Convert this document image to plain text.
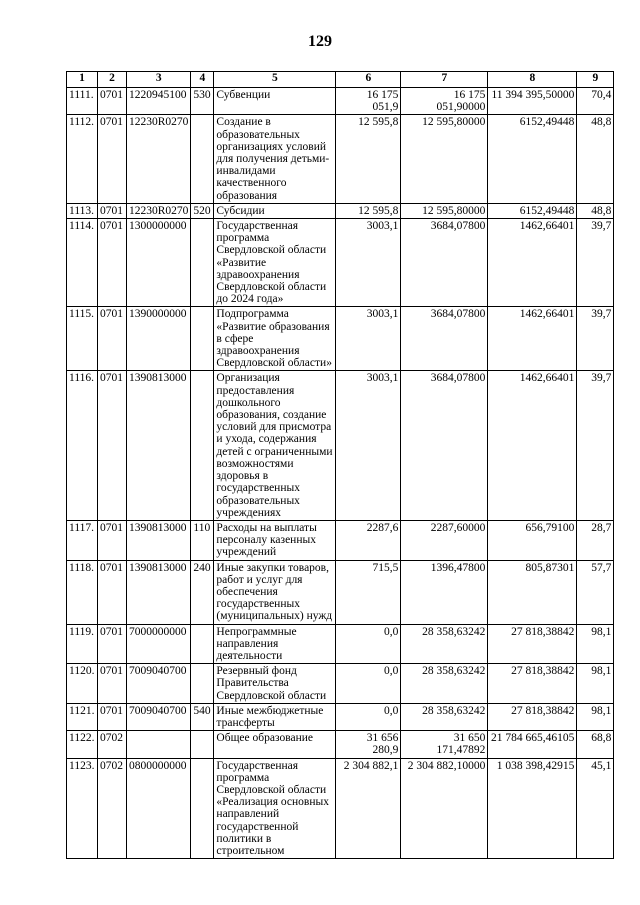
129
1	2	3	4	5	6	7	8	9
1111.	0701	1220945100	530	Субвенции	16 175 051,9	16 175 051,90000	11 394 395,50000	70,4
1112.	0701	12230R0270		Создание в образовательных организациях условий для получения детьми-инвалидами качественного образования	12 595,8	12 595,80000	6152,49448	48,8
1113.	0701	12230R0270	520	Субсидии	12 595,8	12 595,80000	6152,49448	48,8
1114.	0701	1300000000		Государственная программа Свердловской области «Развитие здравоохранения Свердловской области до 2024 года»	3003,1	3684,07800	1462,66401	39,7
1115.	0701	1390000000		Подпрограмма «Развитие образования в сфере здравоохранения Свердловской области»	3003,1	3684,07800	1462,66401	39,7
1116.	0701	1390813000		Организация предоставления дошкольного образования, создание условий для присмотра и ухода, содержания детей с ограниченными возможностями здоровья в государственных образовательных учреждениях	3003,1	3684,07800	1462,66401	39,7
1117.	0701	1390813000	110	Расходы на выплаты персоналу казенных учреждений	2287,6	2287,60000	656,79100	28,7
1118.	0701	1390813000	240	Иные закупки товаров, работ и услуг для обеспечения государственных (муниципальных) нужд	715,5	1396,47800	805,87301	57,7
1119.	0701	7000000000		Непрограммные направления деятельности	0,0	28 358,63242	27 818,38842	98,1
1120.	0701	7009040700		Резервный фонд Правительства Свердловской области	0,0	28 358,63242	27 818,38842	98,1
1121.	0701	7009040700	540	Иные межбюджетные трансферты	0,0	28 358,63242	27 818,38842	98,1
1122.	0702			Общее образование	31 656 280,9	31 650 171,47892	21 784 665,46105	68,8
1123.	0702	0800000000		Государственная программа Свердловской области «Реализация основных направлений государственной политики в строительном	2 304 882,1	2 304 882,10000	1 038 398,42915	45,1
